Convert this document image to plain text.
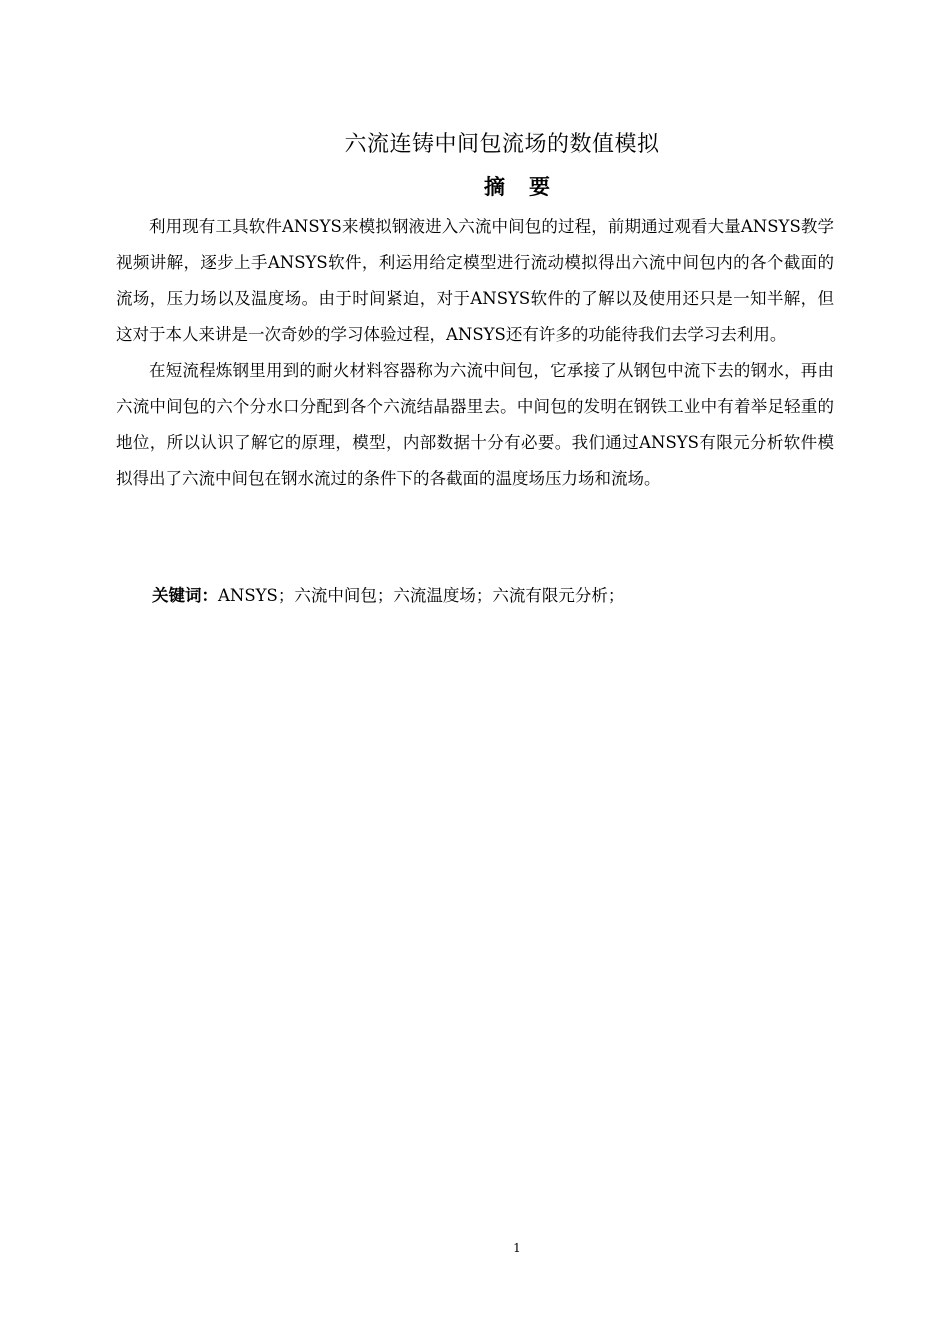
六流连铸中间包流场的数值模拟
摘 要

利用现有工具软件ANSYS来模拟钢液进入六流中间包的过程，前期通过观看大量ANSYS教学视频讲解，逐步上手ANSYS软件，利运用给定模型进行流动模拟得出六流中间包内的各个截面的流场，压力场以及温度场。由于时间紧迫，对于ANSYS软件的了解以及使用还只是一知半解，但这对于本人来讲是一次奇妙的学习体验过程，ANSYS还有许多的功能待我们去学习去利用。

在短流程炼钢里用到的耐火材料容器称为六流中间包，它承接了从钢包中流下去的钢水，再由六流中间包的六个分水口分配到各个六流结晶器里去。中间包的发明在钢铁工业中有着举足轻重的地位，所以认识了解它的原理，模型，内部数据十分有必要。我们通过ANSYS有限元分析软件模拟得出了六流中间包在钢水流过的条件下的各截面的温度场压力场和流场。

关键词：ANSYS；六流中间包；六流温度场；六流有限元分析；

1
